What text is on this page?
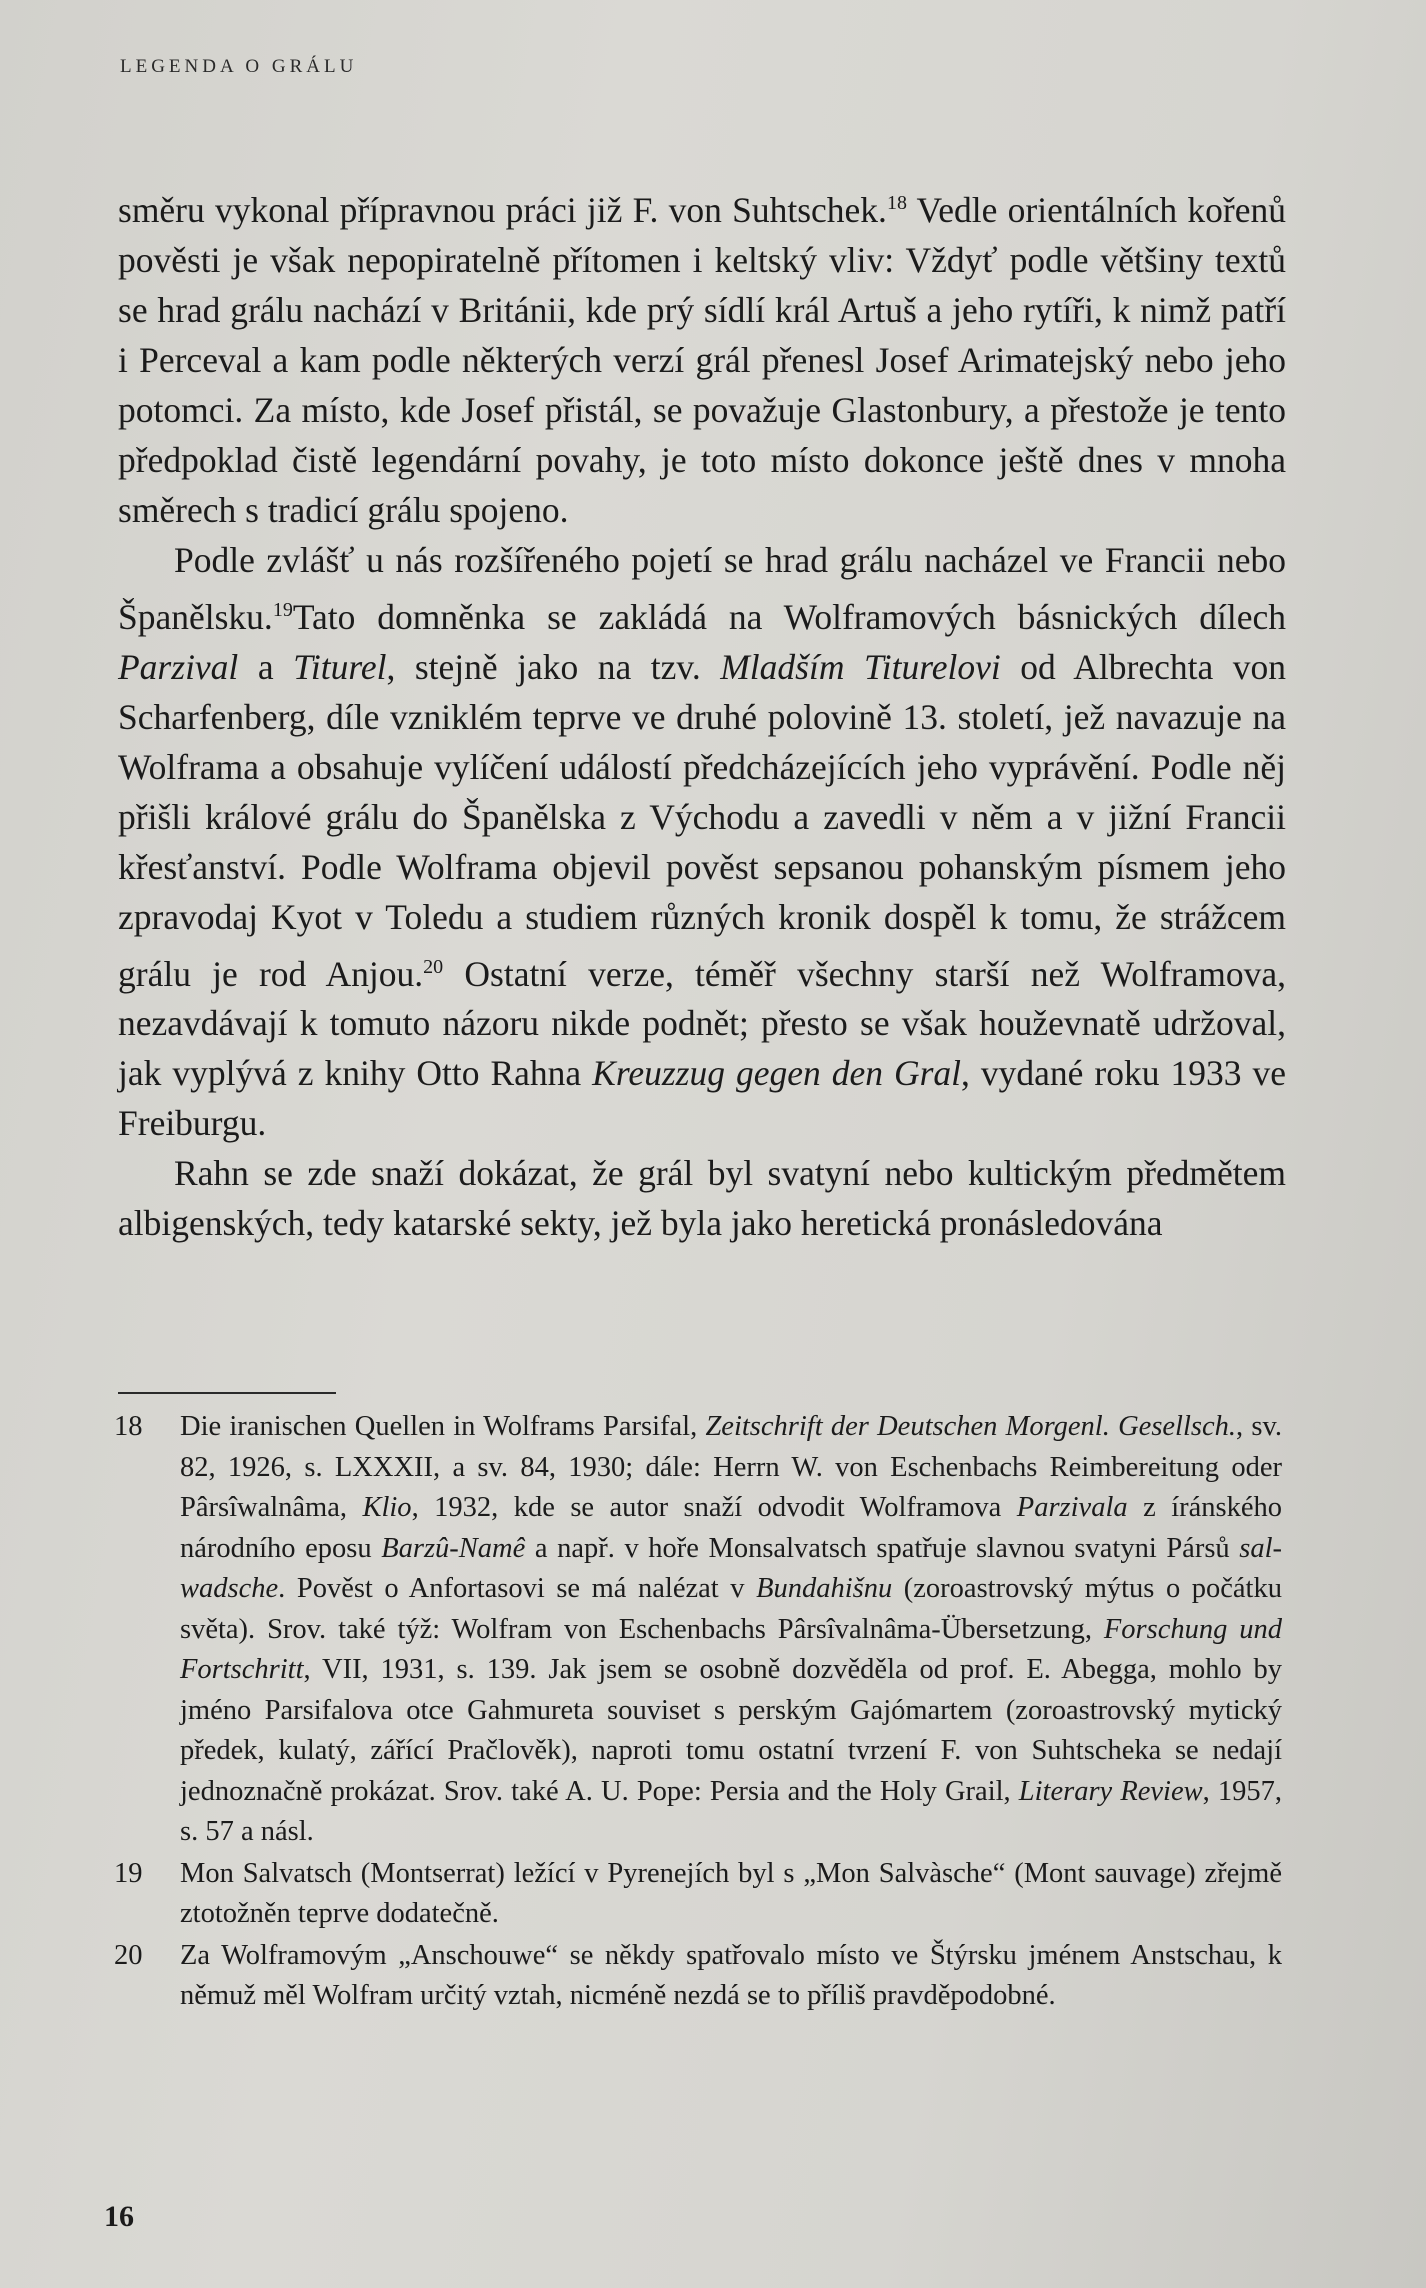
LEGENDA O GRÁLU

směru vykonal přípravnou práci již F. von Suhtschek.$^{18}$ Vedle orientálních kořenů pověsti je však nepopiratelně přítomen i keltský vliv: Vždyť podle většiny textů se hrad grálu nachází v Británii, kde prý sídlí král Artuš a jeho rytíři, k nimž patří i Perceval a kam podle některých verzí grál přenesl Josef Arimatejský nebo jeho potomci. Za místo, kde Josef přistál, se považuje Glastonbury, a přestože je tento předpoklad čistě legendární povahy, je toto místo dokonce ještě dnes v mnoha směrech s tradicí grálu spojeno.

Podle zvlášť u nás rozšířeného pojetí se hrad grálu nacházel ve Francii nebo Španělsku.$^{19}$Tato domněnka se zakládá na Wolframových básnických dílech Parzival a Titurel, stejně jako na tzv. Mladším Titurelovi od Albrechta von Scharfenberg, díle vzniklém teprve ve druhé polovině 13. století, jež navazuje na Wolframa a obsahuje vylíčení událostí předcházejících jeho vyprávění. Podle něj přišli králové grálu do Španělska z Východu a zavedli v něm a v jižní Francii křesťanství. Podle Wolframa objevil pověst sepsanou pohanským písmem jeho zpravodaj Kyot v Toledu a studiem různých kronik dospěl k tomu, že strážcem grálu je rod Anjou.$^{20}$ Ostatní verze, téměř všechny starší než Wolframova, nezavdávají k tomuto názoru nikde podnět; přesto se však houževnatě udržoval, jak vyplývá z knihy Otto Rahna Kreuzzug gegen den Gral, vydané roku 1933 ve Freiburgu.

Rahn se zde snaží dokázat, že grál byl svatyní nebo kultickým předmětem albigenských, tedy katarské sekty, jež byla jako heretická pronásledována

18 Die iranischen Quellen in Wolframs Parsifal, Zeitschrift der Deutschen Morgenl. Gesellsch., sv. 82, 1926, s. LXXXII, a sv. 84, 1930; dále: Herrn W. von Eschenbachs Reimbereitung oder Pârsîwalnâma, Klio, 1932, kde se autor snaží odvodit Wolframova Parzivala z íránského národního eposu Barzû-Namê a např. v hoře Monsalvatsch spatřuje slavnou svatyni Pársů sal-wadsche. Pověst o Anfortasovi se má nalézat v Bundahišnu (zoroastrovský mýtus o počátku světa). Srov. také týž: Wolfram von Eschenbachs Pârsîvalnâma-Übersetzung, Forschung und Fortschritt, VII, 1931, s. 139. Jak jsem se osobně dozvěděla od prof. E. Abegga, mohlo by jméno Parsifalova otce Gahmureta souviset s perským Gajómartem (zoroastrovský mytický předek, kulatý, zářící Pračlověk), naproti tomu ostatní tvrzení F. von Suhtscheka se nedají jednoznačně prokázat. Srov. také A. U. Pope: Persia and the Holy Grail, Literary Review, 1957, s. 57 a násl.
19 Mon Salvatsch (Montserrat) ležící v Pyrenejích byl s „Mon Salvàsche“ (Mont sauvage) zřejmě ztotožněn teprve dodatečně.
20 Za Wolframovým „Anschouwe“ se někdy spatřovalo místo ve Štýrsku jménem Anstschau, k němuž měl Wolfram určitý vztah, nicméně nezdá se to příliš pravděpodobné.
16
